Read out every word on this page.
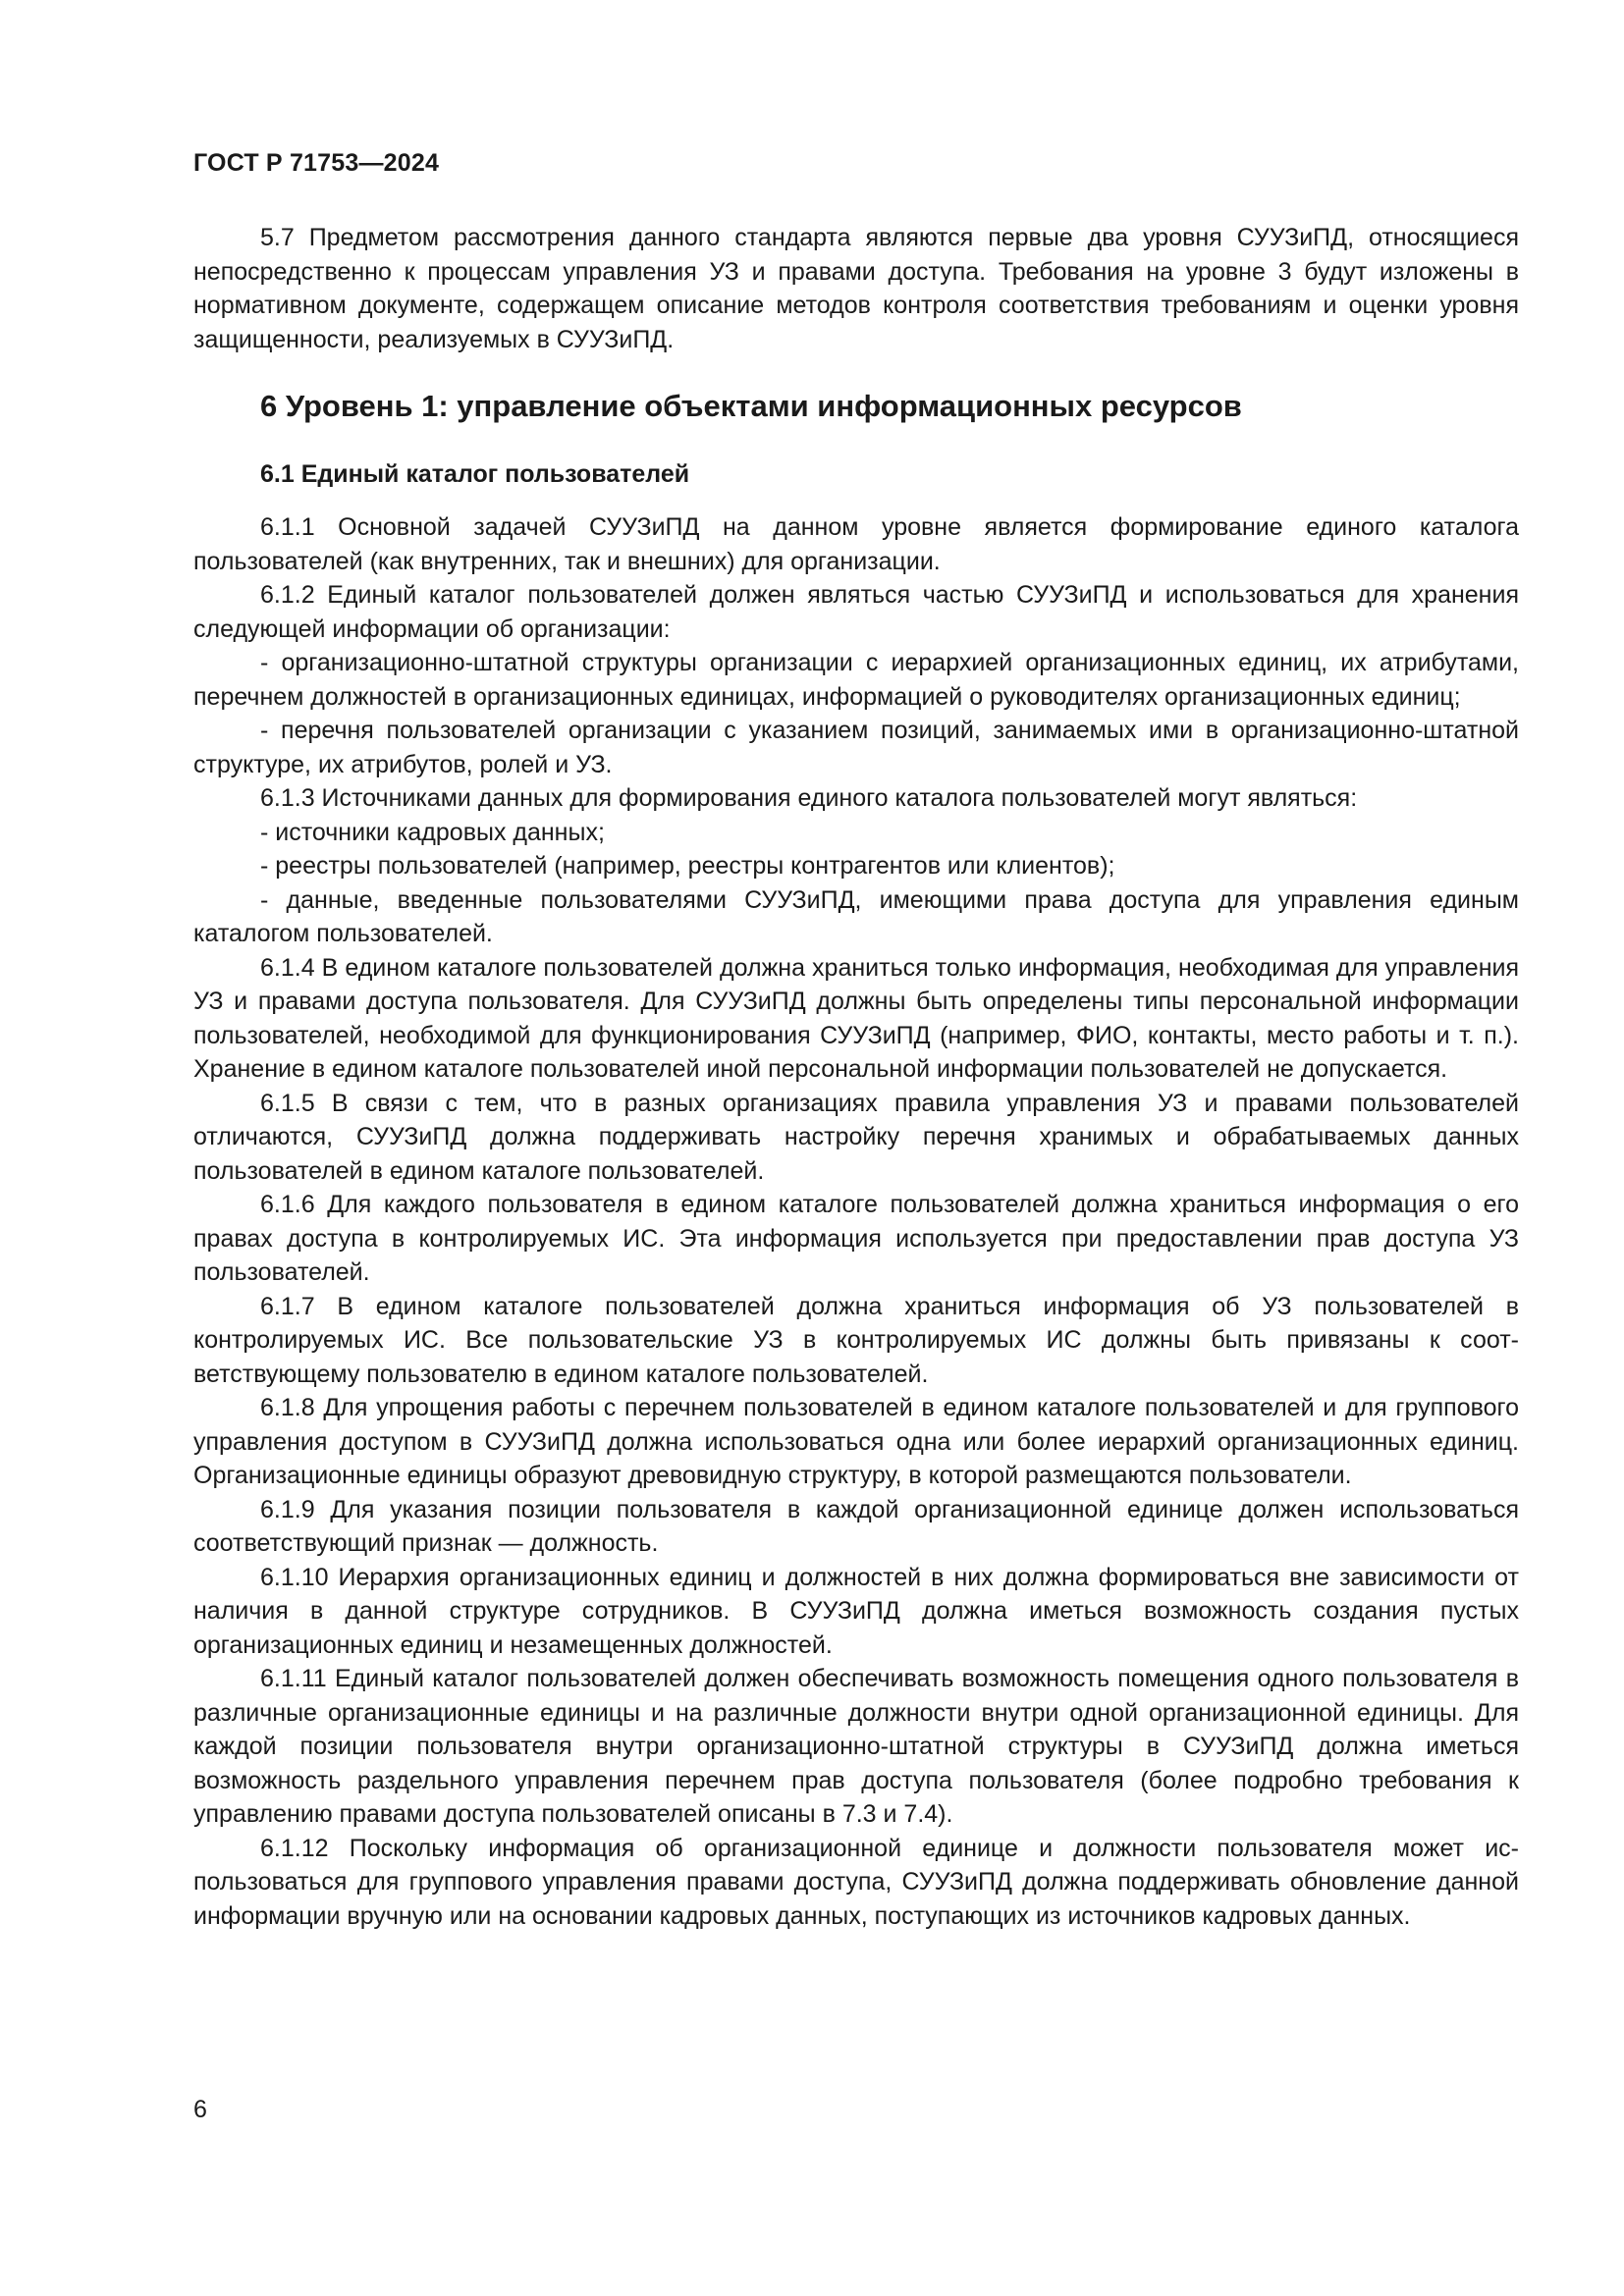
ГОСТ Р 71753—2024

5.7 Предметом рассмотрения данного стандарта являются первые два уровня СУУЗиПД, относящиеся непосредственно к процессам управления УЗ и правами доступа. Требования на уровне 3 будут изложены в нормативном документе, содержащем описание методов контроля соответствия требованиям и оценки уровня защищенности, реализуемых в СУУЗиПД.

6 Уровень 1: управление объектами информационных ресурсов
6.1 Единый каталог пользователей

6.1.1 Основной задачей СУУЗиПД на данном уровне является формирование единого каталога пользователей (как внутренних, так и внешних) для организации.

6.1.2 Единый каталог пользователей должен являться частью СУУЗиПД и использоваться для хранения следующей информации об организации:

- организационно-штатной структуры организации с иерархией организационных единиц, их атрибутами, перечнем должностей в организационных единицах, информацией о руководителях организационных единиц;

- перечня пользователей организации с указанием позиций, занимаемых ими в организационно-штатной структуре, их атрибутов, ролей и УЗ.

6.1.3 Источниками данных для формирования единого каталога пользователей могут являться:

- источники кадровых данных;

- реестры пользователей (например, реестры контрагентов или клиентов);

- данные, введенные пользователями СУУЗиПД, имеющими права доступа для управления единым каталогом пользователей.

6.1.4 В едином каталоге пользователей должна храниться только информация, необходимая для управления УЗ и правами доступа пользователя. Для СУУЗиПД должны быть определены типы персональной информации пользователей, необходимой для функционирования СУУЗиПД (например, ФИО, контакты, место работы и т. п.). Хранение в едином каталоге пользователей иной персональной информации пользователей не допускается.

6.1.5 В связи с тем, что в разных организациях правила управления УЗ и правами пользователей отличаются, СУУЗиПД должна поддерживать настройку перечня хранимых и обрабатываемых данных пользователей в едином каталоге пользователей.

6.1.6 Для каждого пользователя в едином каталоге пользователей должна храниться информация о его правах доступа в контролируемых ИС. Эта информация используется при предоставлении прав доступа УЗ пользователей.

6.1.7 В едином каталоге пользователей должна храниться информация об УЗ пользователей в контролируемых ИС. Все пользовательские УЗ в контролируемых ИС должны быть привязаны к соответствующему пользователю в едином каталоге пользователей.

6.1.8 Для упрощения работы с перечнем пользователей в едином каталоге пользователей и для группового управления доступом в СУУЗиПД должна использоваться одна или более иерархий организационных единиц. Организационные единицы образуют древовидную структуру, в которой размещаются пользователи.

6.1.9 Для указания позиции пользователя в каждой организационной единице должен использоваться соответствующий признак — должность.

6.1.10 Иерархия организационных единиц и должностей в них должна формироваться вне зависимости от наличия в данной структуре сотрудников. В СУУЗиПД должна иметься возможность создания пустых организационных единиц и незамещенных должностей.

6.1.11 Единый каталог пользователей должен обеспечивать возможность помещения одного пользователя в различные организационные единицы и на различные должности внутри одной организационной единицы. Для каждой позиции пользователя внутри организационно-штатной структуры в СУУЗиПД должна иметься возможность раздельного управления перечнем прав доступа пользователя (более подробно требования к управлению правами доступа пользователей описаны в 7.3 и 7.4).

6.1.12 Поскольку информация об организационной единице и должности пользователя может использоваться для группового управления правами доступа, СУУЗиПД должна поддерживать обновление данной информации вручную или на основании кадровых данных, поступающих из источников кадровых данных.

6
